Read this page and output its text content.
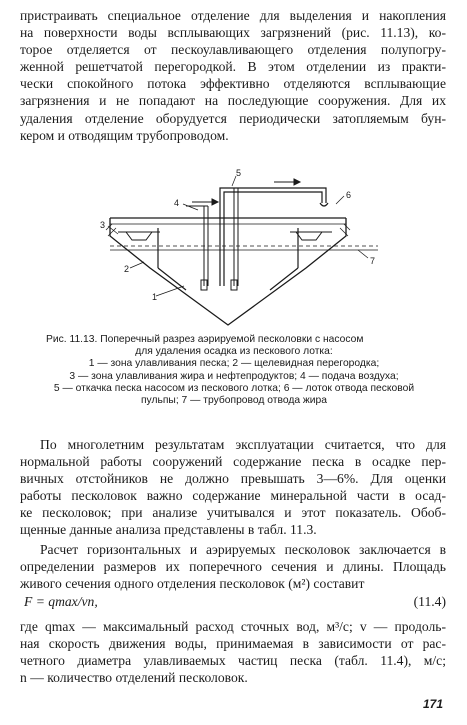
пристраивать специальное отделение для выделения и накопления
на поверхности воды всплывающих загрязнений (рис. 11.13), ко-
торое отделяется от пескоулавливающего отделения полупогру-
женной решетчатой перегородкой. В этом отделении из практи-
чески спокойного потока эффективно отделяются всплывающие
загрязнения и не попадают на последующие сооружения. Для их
удаления отделение оборудуется периодически затопляемым бун-
кером и отводящим трубопроводом.

1
2
3
4
5
6
7

Рис. 11.13. Поперечный разрез аэрируемой песколовки с насосом
для удаления осадка из пескового лотка:
1 — зона улавливания песка; 2 — щелевидная перегородка;
3 — зона улавливания жира и нефтепродуктов; 4 — подача воздуха;
5 — откачка песка насосом из пескового лотка; 6 — лоток отвода песковой
пульпы; 7 — трубопровод отвода жира

По многолетним результатам эксплуатации считается, что для
нормальной работы сооружений содержание песка в осадке пер-
вичных отстойников не должно превышать 3—6%. Для оценки
работы песколовок важно содержание минеральной части в осад-
ке песколовок; при анализе учитывался и этот показатель. Обоб-
щенные данные анализа представлены в табл. 11.3.

Расчет горизонтальных и аэрируемых песколовок заключается в
определении размеров их поперечного сечения и длины. Площадь
живого сечения одного отделения песколовок (м²) составит

F = qmax/vn,	(11.4)

где qmax — максимальный расход сточных вод, м³/с; v — продоль-
ная скорость движения воды, принимаемая в зависимости от рас-
четного диаметра улавливаемых частиц песка (табл. 11.4), м/с;
n — количество отделений песколовок.

171
